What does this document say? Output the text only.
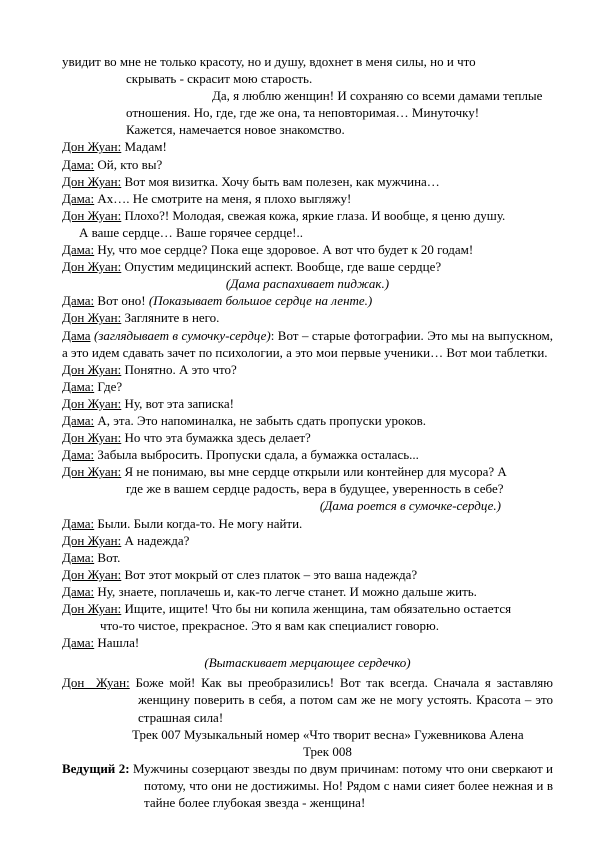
увидит во мне не только красоту, но и душу, вдохнет в меня силы, но и что

скрывать - скрасит мою старость.

Да, я люблю женщин! И сохраняю со всеми дамами теплые

отношения. Но, где, где же она, та неповторимая… Минуточку!

Кажется, намечается новое знакомство.

Дон Жуан: Мадам!

Дама: Ой, кто вы?

Дон Жуан: Вот моя визитка. Хочу быть вам полезен, как мужчина…

Дама: Ах…. Не смотрите на меня, я плохо выгляжу!

Дон Жуан: Плохо?! Молодая, свежая кожа, яркие глаза. И вообще, я ценю душу.

А ваше сердце… Ваше горячее сердце!..

Дама: Ну, что мое сердце? Пока еще здоровое. А вот что будет к 20 годам!

Дон Жуан: Опустим медицинский аспект. Вообще, где ваше сердце?

(Дама распахивает пиджак.)

Дама: Вот оно! (Показывает большое сердце на ленте.)

Дон Жуан: Загляните в него.

Дама (заглядывает в сумочку-сердце): Вот – старые фотографии. Это мы на выпускном, а это идем сдавать зачет по психологии, а это мои первые ученики… Вот мои таблетки.

Дон Жуан: Понятно. А это что?

Дама: Где?

Дон Жуан: Ну, вот эта записка!

Дама: А, эта. Это напоминалка, не забыть сдать пропуски уроков.

Дон Жуан: Но что эта бумажка здесь делает?

Дама: Забыла выбросить. Пропуски сдала, а бумажка осталась...

Дон Жуан: Я не понимаю, вы мне сердце открыли или контейнер для мусора? А

где же в вашем сердце радость, вера в будущее, уверенность в себе?

(Дама роется в сумочке-сердце.)

Дама: Были. Были когда-то. Не могу найти.

Дон Жуан: А надежда?

Дама: Вот.

Дон Жуан: Вот этот мокрый от слез платок – это ваша надежда?

Дама: Ну, знаете, поплачешь и, как-то легче станет. И можно дальше жить.

Дон Жуан: Ищите, ищите! Что бы ни копила женщина, там обязательно остается

что-то чистое, прекрасное. Это я вам как специалист говорю.

Дама: Нашла!

(Вытаскивает мерцающее сердечко)

Дон Жуан: Боже мой! Как вы преобразились! Вот так всегда. Сначала я заставляю женщину поверить в себя, а потом сам же не могу устоять. Красота – это страшная сила!

Трек 007 Музыкальный номер «Что творит весна» Гужевникова Алена

Трек 008

Ведущий 2: Мужчины созерцают звезды по двум причинам: потому что они сверкают и потому, что они не достижимы. Но! Рядом с нами сияет более нежная и в тайне более глубокая звезда - женщина!
